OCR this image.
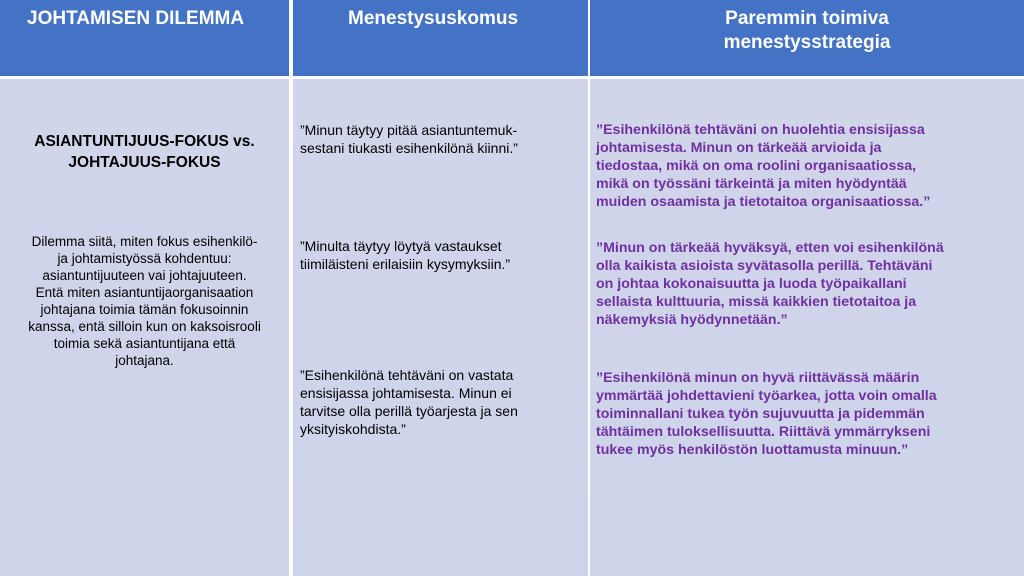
JOHTAMISEN DILEMMA
ASIANTUNTIJUUS-FOKUS vs.
JOHTAJUUS-FOKUS
Dilemma siitä, miten fokus esihenkilö-
ja johtamistyössä kohdentuu:
asiantuntijuuteen vai johtajuuteen.
Entä miten asiantuntijaorganisaation
johtajana toimia tämän fokusoinnin
kanssa, entä silloin kun on kaksoisrooli
toimia sekä asiantuntijana että
johtajana.
Menestysuskomus
”Minun täytyy pitää asiantuntemuk-
sestani tiukasti esihenkilönä kiinni.”
”Minulta täytyy löytyä vastaukset
tiimiläisteni erilaisiin kysymyksiin.”
”Esihenkilönä tehtäväni on vastata
ensisijassa johtamisesta. Minun ei
tarvitse olla perillä työarjesta ja sen
yksityiskohdista.”
Paremmin toimiva
menestysstrategia
”Esihenkilönä tehtäväni on huolehtia ensisijassa
johtamisesta. Minun on tärkeää arvioida ja
tiedostaa, mikä on oma roolini organisaatiossa,
mikä on työssäni tärkeintä ja miten hyödyntää
muiden osaamista ja tietotaitoa organisaatiossa.”
”Minun on tärkeää hyväksyä, etten voi esihenkilönä
olla kaikista asioista syvätasolla perillä. Tehtäväni
on johtaa kokonaisuutta ja luoda työpaikallani
sellaista kulttuuria, missä kaikkien tietotaitoa ja
näkemyksiä hyödynnetään.”
”Esihenkilönä minun on hyvä riittävässä määrin
ymmärtää johdettavieni työarkea, jotta voin omalla
toiminnallani tukea työn sujuvuutta ja pidemmän
tähtäimen tuloksellisuutta. Riittävä ymmärrykseni
tukee myös henkilöstön luottamusta minuun.”
